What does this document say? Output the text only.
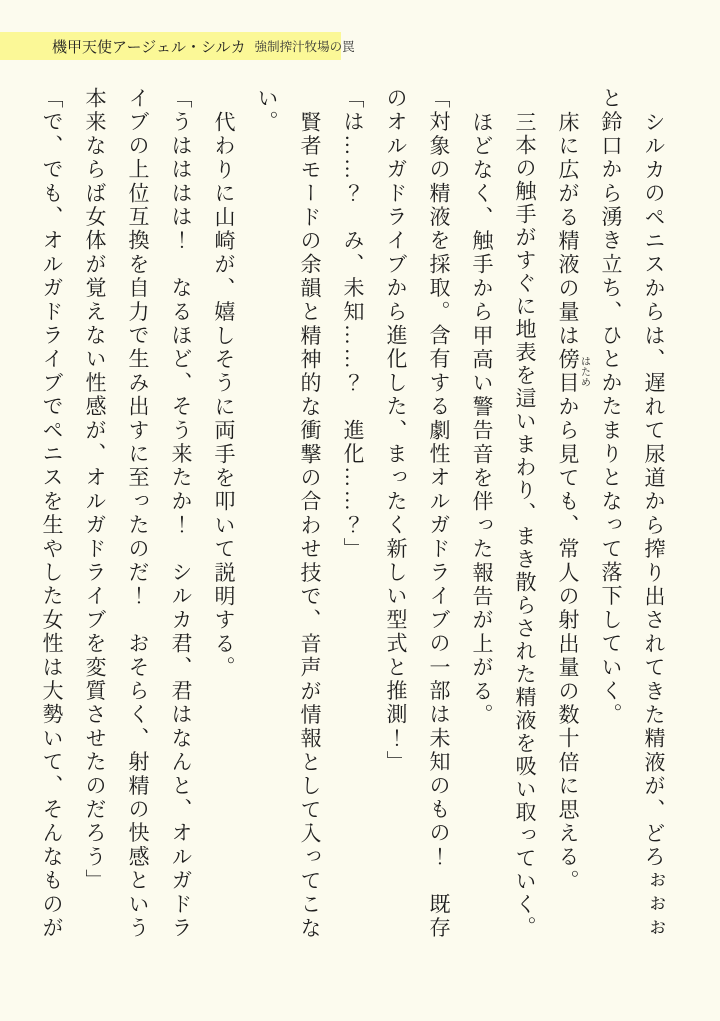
機甲天使アージェル・シルカ 強制搾汁牧場の罠

シルカのペニスからは、遅れて尿道から搾り出されてきた精液が、どろぉぉぉと鈴口から湧き立ち、ひとかたまりとなって落下していく。

床に広がる精液の量は傍目はためから見ても、常人の射出量の数十倍に思える。

三本の触手がすぐに地表を這いまわり、まき散らされた精液を吸い取っていく。

ほどなく、触手から甲高い警告音を伴った報告が上がる。

「対象の精液を採取。含有する劇性オルガドライブの一部は未知のもの！　既存のオルガドライブから進化した、まったく新しい型式と推測！」

「は……？　み、未知……？　進化……？」

賢者モードの余韻と精神的な衝撃の合わせ技で、音声が情報として入ってこない。

代わりに山崎が、嬉しそうに両手を叩いて説明する。

「うはははは！　なるほど、そう来たか！　シルカ君、君はなんと、オルガドライブの上位互換を自力で生み出すに至ったのだ！　おそらく、射精の快感という本来ならば女体が覚えない性感が、オルガドライブを変質させたのだろう」

「で、でも、オルガドライブでペニスを生やした女性は大勢いて、そんなものが
